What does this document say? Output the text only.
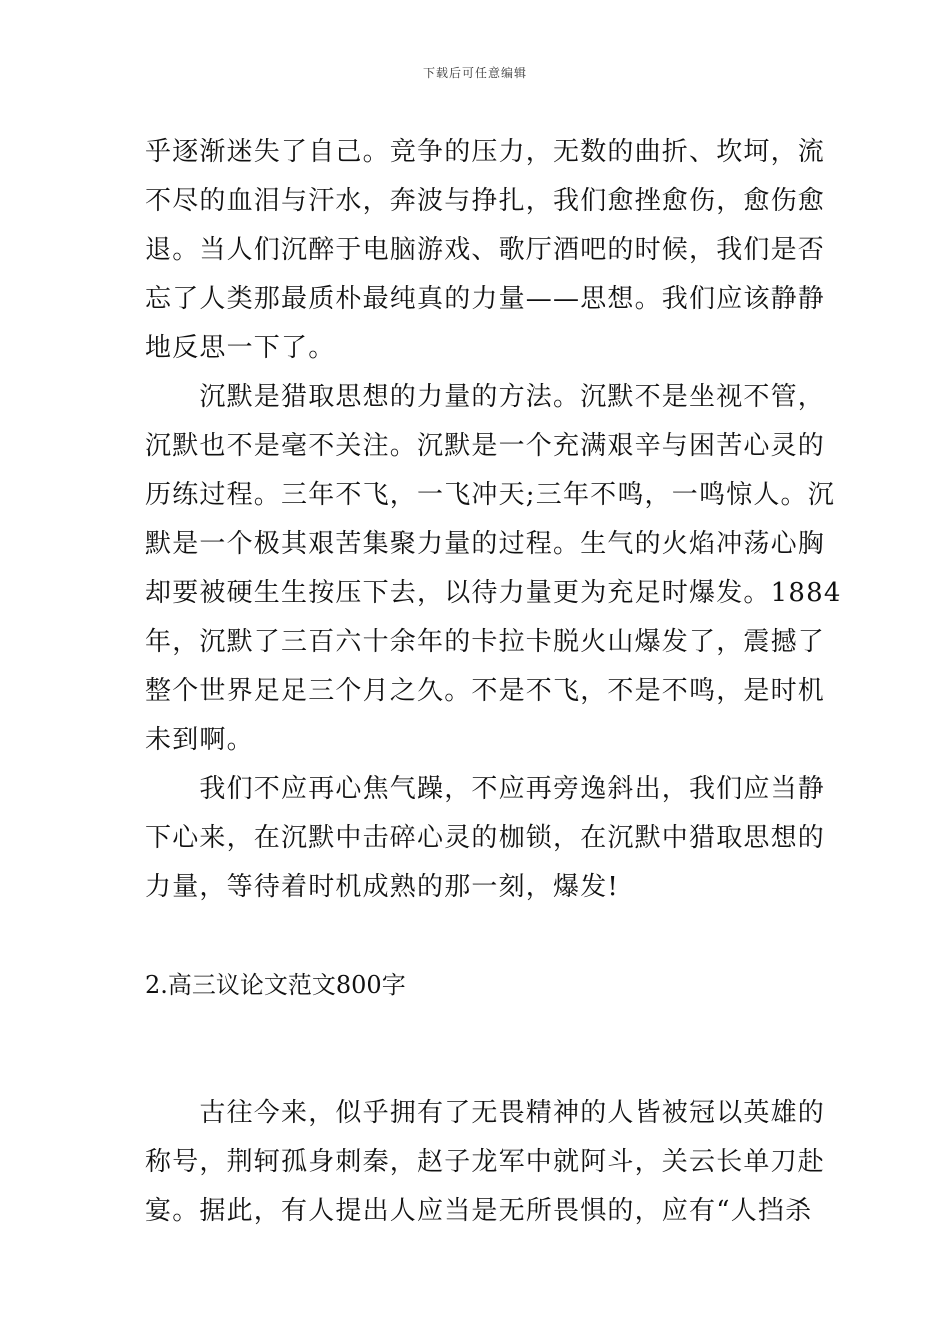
下载后可任意编辑
乎逐渐迷失了自己。竞争的压力，无数的曲折、坎坷，流
不尽的血泪与汗水，奔波与挣扎，我们愈挫愈伤，愈伤愈
退。当人们沉醉于电脑游戏、歌厅酒吧的时候，我们是否
忘了人类那最质朴最纯真的力量——思想。我们应该静静
地反思一下了。
　　沉默是猎取思想的力量的方法。沉默不是坐视不管，
沉默也不是毫不关注。沉默是一个充满艰辛与困苦心灵的
历练过程。三年不飞，一飞冲天;三年不鸣，一鸣惊人。沉
默是一个极其艰苦集聚力量的过程。生气的火焰冲荡心胸
却要被硬生生按压下去，以待力量更为充足时爆发。1884
年，沉默了三百六十余年的卡拉卡脱火山爆发了，震撼了
整个世界足足三个月之久。不是不飞，不是不鸣，是时机
未到啊。
　　我们不应再心焦气躁，不应再旁逸斜出，我们应当静
下心来，在沉默中击碎心灵的枷锁，在沉默中猎取思想的
力量，等待着时机成熟的那一刻，爆发!
2.高三议论文范文800字
　　古往今来，似乎拥有了无畏精神的人皆被冠以英雄的
称号，荆轲孤身刺秦，赵子龙军中就阿斗，关云长单刀赴
宴。据此，有人提出人应当是无所畏惧的，应有“人挡杀
